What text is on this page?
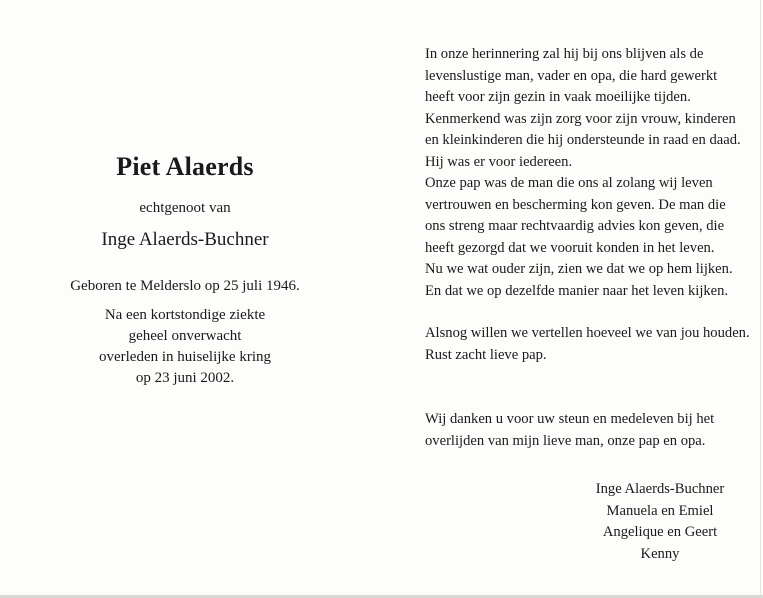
Piet Alaerds
echtgenoot van
Inge Alaerds-Buchner
Geboren te Melderslo op 25 juli 1946.
Na een kortstondige ziekte
geheel onverwacht
overleden in huiselijke kring
op 23 juni 2002.

In onze herinnering zal hij bij ons blijven als de
levenslustige man, vader en opa, die hard gewerkt
heeft voor zijn gezin in vaak moeilijke tijden.
Kenmerkend was zijn zorg voor zijn vrouw, kinderen
en kleinkinderen die hij ondersteunde in raad en daad.
Hij was er voor iedereen.
Onze pap was de man die ons al zolang wij leven
vertrouwen en bescherming kon geven. De man die
ons streng maar rechtvaardig advies kon geven, die
heeft gezorgd dat we vooruit konden in het leven.
Nu we wat ouder zijn, zien we dat we op hem lijken.
En dat we op dezelfde manier naar het leven kijken.

Alsnog willen we vertellen hoeveel we van jou houden.
Rust zacht lieve pap.

Wij danken u voor uw steun en medeleven bij het
overlijden van mijn lieve man, onze pap en opa.

Inge Alaerds-Buchner
Manuela en Emiel
Angelique en Geert
Kenny
